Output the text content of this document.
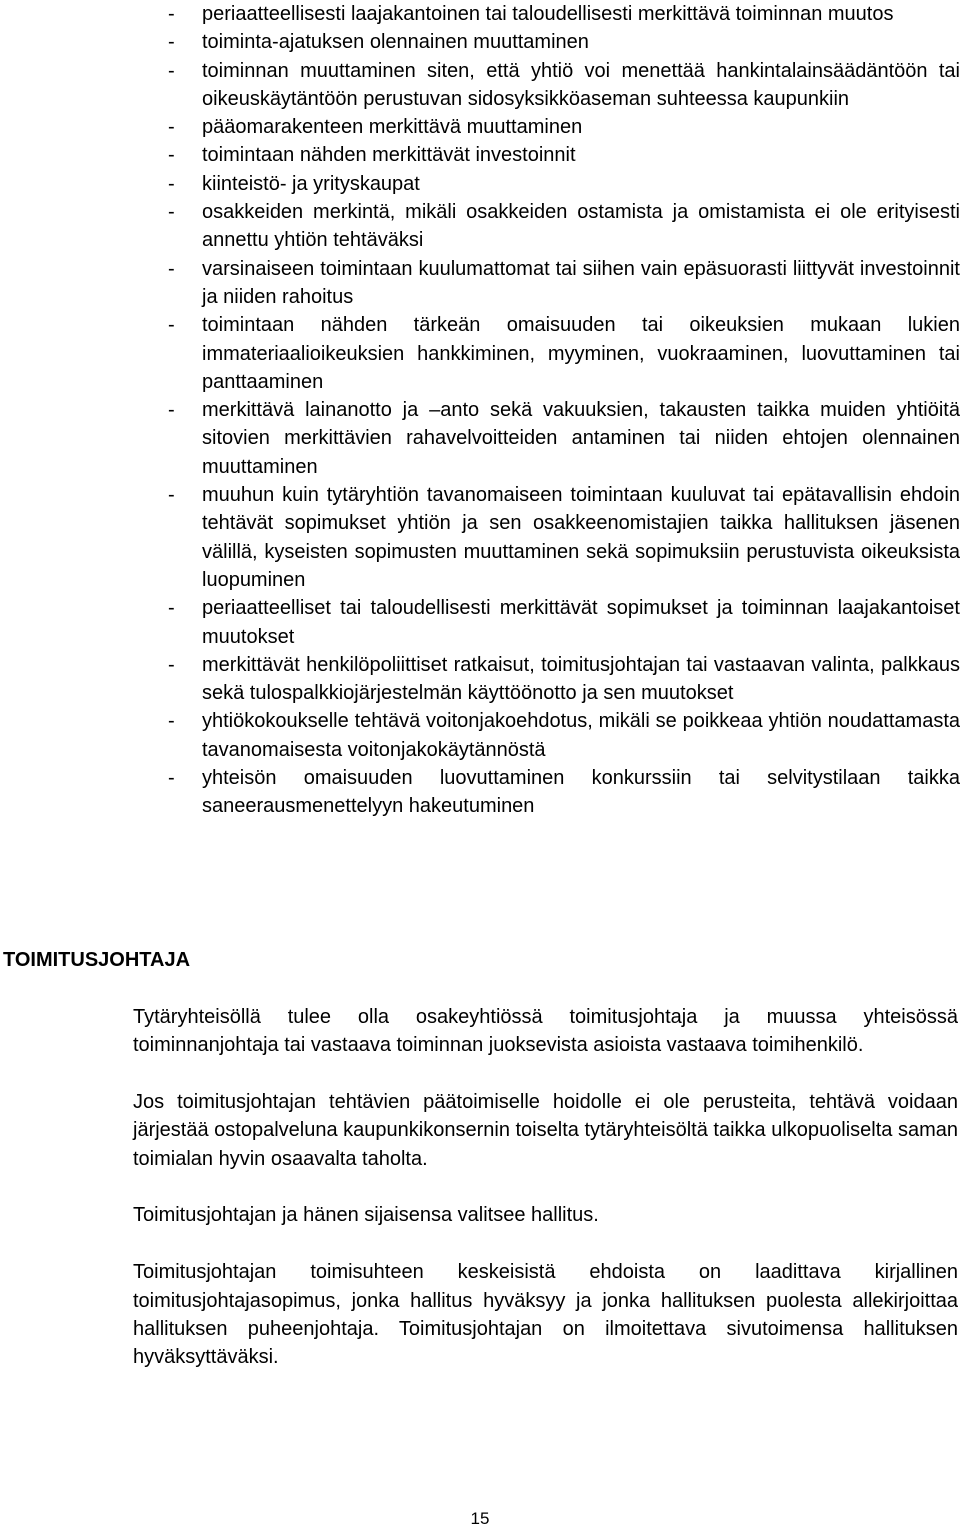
- periaatteellisesti laajakantoinen tai taloudellisesti merkittävä toiminnan muutos
- toiminta-ajatuksen olennainen muuttaminen
- toiminnan muuttaminen siten, että yhtiö voi menettää hankintalainsäädäntöön tai oikeuskäytäntöön perustuvan sidosyksikköaseman suhteessa kaupunkiin
- pääomarakenteen merkittävä muuttaminen
- toimintaan nähden merkittävät investoinnit
- kiinteistö- ja yrityskaupat
- osakkeiden merkintä, mikäli osakkeiden ostamista ja omistamista ei ole erityisesti annettu yhtiön tehtäväksi
- varsinaiseen toimintaan kuulumattomat tai siihen vain epäsuorasti liittyvät investoinnit ja niiden rahoitus
- toimintaan nähden tärkeän omaisuuden tai oikeuksien mukaan lukien immateriaalioikeuksien hankkiminen, myyminen, vuokraaminen, luovuttaminen tai panttaaminen
- merkittävä lainanotto ja –anto sekä vakuuksien, takausten taikka muiden yhtiöitä sitovien merkittävien rahavelvoitteiden antaminen tai niiden ehtojen olennainen muuttaminen
- muuhun kuin tytäryhtiön tavanomaiseen toimintaan kuuluvat tai epätavallisin ehdoin tehtävät sopimukset yhtiön ja sen osakkeenomistajien taikka hallituksen jäsenen välillä, kyseisten sopimusten muuttaminen sekä sopimuksiin perustuvista oikeuksista luopuminen
- periaatteelliset tai taloudellisesti merkittävät sopimukset ja toiminnan laajakantoiset muutokset
- merkittävät henkilöpoliittiset ratkaisut, toimitusjohtajan tai vastaavan valinta, palkkaus sekä tulospalkkiojärjestelmän käyttöönotto ja sen muutokset
- yhtiökokoukselle tehtävä voitonjakoehdotus, mikäli se poikkeaa yhtiön noudattamasta tavanomaisesta voitonjakokäytännöstä
- yhteisön omaisuuden luovuttaminen konkurssiin tai selvitystilaan taikka saneerausmenettelyyn hakeutuminen
TOIMITUSJOHTAJA

Tytäryhteisöllä tulee olla osakeyhtiössä toimitusjohtaja ja muussa yhteisössä toiminnanjohtaja tai vastaava toiminnan juoksevista asioista vastaava toimihenkilö.

Jos toimitusjohtajan tehtävien päätoimiselle hoidolle ei ole perusteita, tehtävä voidaan järjestää ostopalveluna kaupunkikonsernin toiselta tytäryhteisöltä taikka ulkopuoliselta saman toimialan hyvin osaavalta taholta.

Toimitusjohtajan ja hänen sijaisensa valitsee hallitus.

Toimitusjohtajan toimisuhteen keskeisistä ehdoista on laadittava kirjallinen toimitusjohtajasopimus, jonka hallitus hyväksyy ja jonka hallituksen puolesta allekirjoittaa hallituksen puheenjohtaja. Toimitusjohtajan on ilmoitettava sivutoimensa hallituksen hyväksyttäväksi.

15
